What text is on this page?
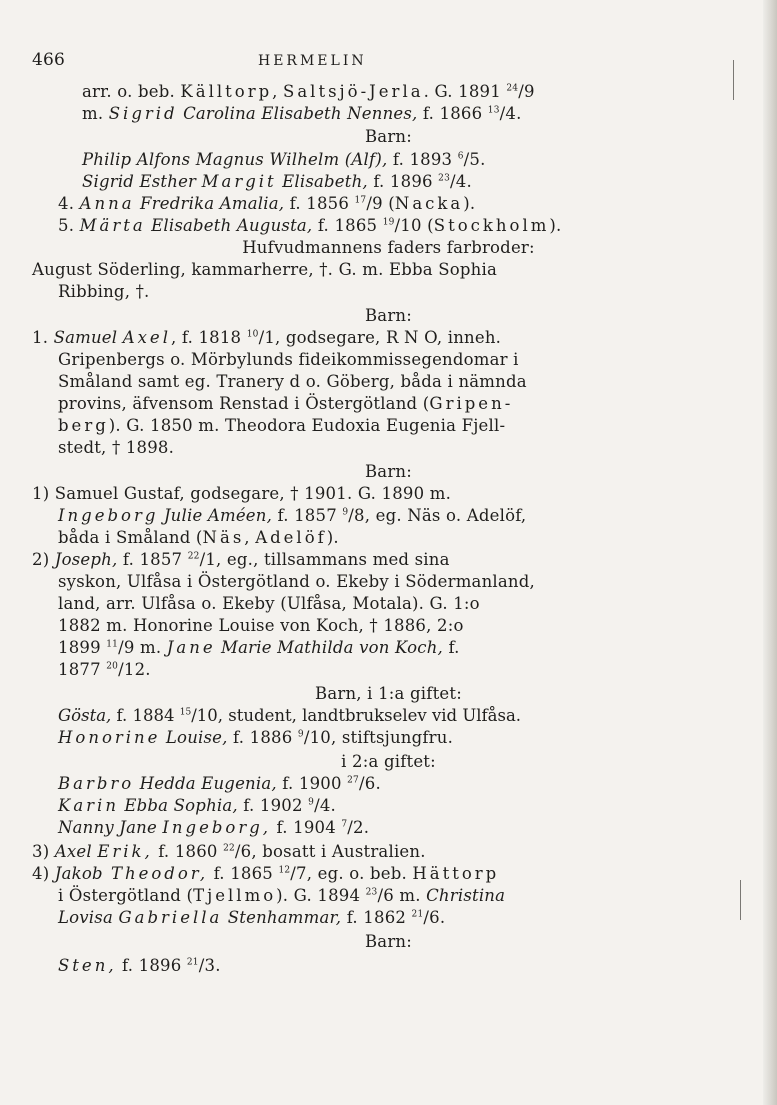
466	HERMELIN
arr. o. beb. Källtorp, Saltsjö-Jerla. G. 1891 $^{24}$/9
m. Sigrid Carolina Elisabeth Nennes, f. 1866 $^{13}$/4.
Barn:
Philip Alfons Magnus Wilhelm (Alf), f. 1893 $^6$/5.
Sigrid Esther Margit Elisabeth, f. 1896 $^{23}$/4.
4. Anna Fredrika Amalia, f. 1856 $^{17}$/9 (Nacka).
5. Märta Elisabeth Augusta, f. 1865 $^{19}$/10 (Stockholm).
Hufvudmannens faders farbroder:
August Söderling, kammarherre, †. G. m. Ebba Sophia
Ribbing, †.
Barn:
1. Samuel Axel, f. 1818 $^{10}$/1, godsegare, R N O, inneh.
Gripenbergs o. Mörbylunds fideikommissegendomar i
Småland samt eg. Tranery d o. Göberg, båda i nämnda
provins, äfvensom Renstad i Östergötland (Gripen-
berg). G. 1850 m. Theodora Eudoxia Eugenia Fjell-
stedt, † 1898.
Barn:
1) Samuel Gustaf, godsegare, † 1901. G. 1890 m.
Ingeborg Julie Améen, f. 1857 $^9$/8, eg. Näs o. Adelöf,
båda i Småland (Näs, Adelöf).
2) Joseph, f. 1857 $^{22}$/1, eg., tillsammans med sina
syskon, Ulfåsa i Östergötland o. Ekeby i Södermanland,
land, arr. Ulfåsa o. Ekeby (Ulfåsa, Motala). G. 1:o
1882 m. Honorine Louise von Koch, † 1886, 2:o
1899 $^{11}$/9 m. Jane Marie Mathilda von Koch, f.
1877 $^{20}$/12.
Barn, i 1:a giftet:
Gösta, f. 1884 $^{15}$/10, student, landtbrukselev vid Ulfåsa.
Honorine Louise, f. 1886 $^9$/10, stiftsjungfru.
i 2:a giftet:
Barbro Hedda Eugenia, f. 1900 $^{27}$/6.
Karin Ebba Sophia, f. 1902 $^9$/4.
Nanny Jane Ingeborg, f. 1904 $^7$/2.
3) Axel Erik, f. 1860 $^{22}$/6, bosatt i Australien.
4) Jakob Theodor, f. 1865 $^{12}$/7, eg. o. beb. Hättorp
i Östergötland (Tjellmo). G. 1894 $^{23}$/6 m. Christina
Lovisa Gabriella Stenhammar, f. 1862 $^{21}$/6.
Barn:
Sten, f. 1896 $^{21}$/3.
